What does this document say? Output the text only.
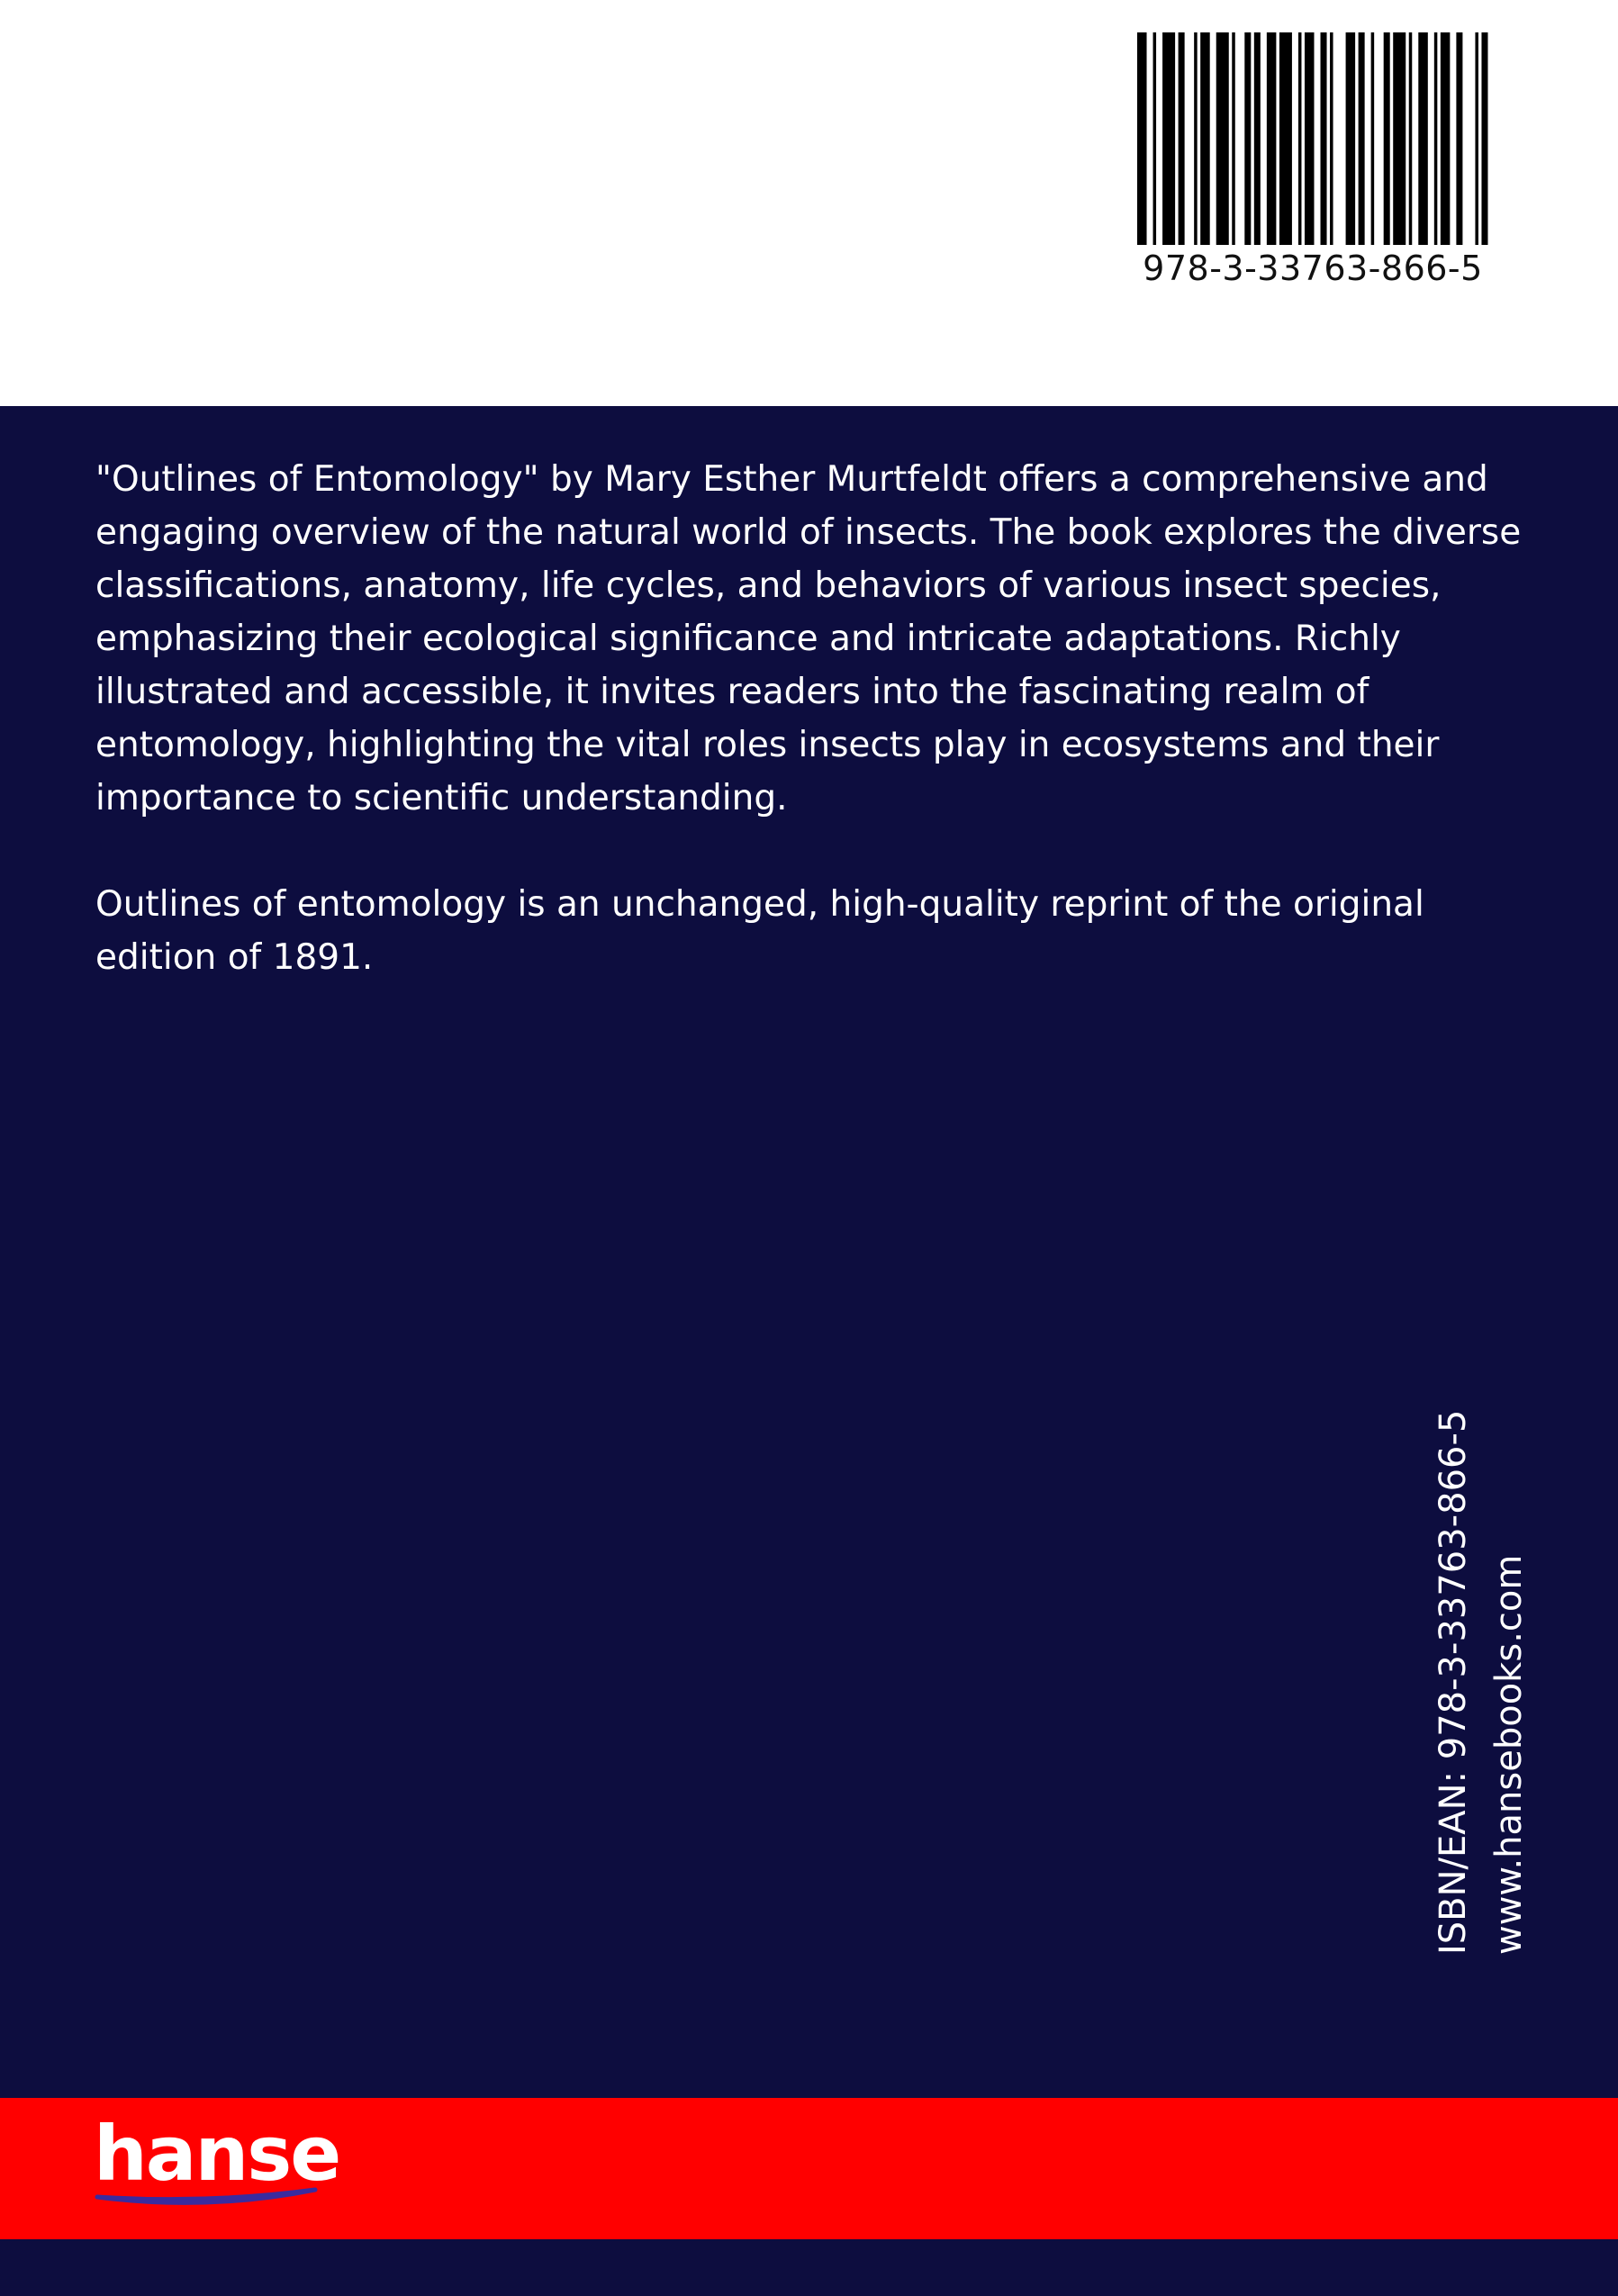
978-3-33763-866-5

"Outlines of Entomology" by Mary Esther Murtfeldt offers a comprehensive and engaging overview of the natural world of insects. The book explores the diverse classifications, anatomy, life cycles, and behaviors of various insect species, emphasizing their ecological significance and intricate adaptations. Richly illustrated and accessible, it invites readers into the fascinating realm of entomology, highlighting the vital roles insects play in ecosystems and their importance to scientific understanding.

Outlines of entomology is an unchanged, high-quality reprint of the original edition of 1891.

ISBN/EAN: 978-3-33763-866-5 www.hansebooks.com
hanse
